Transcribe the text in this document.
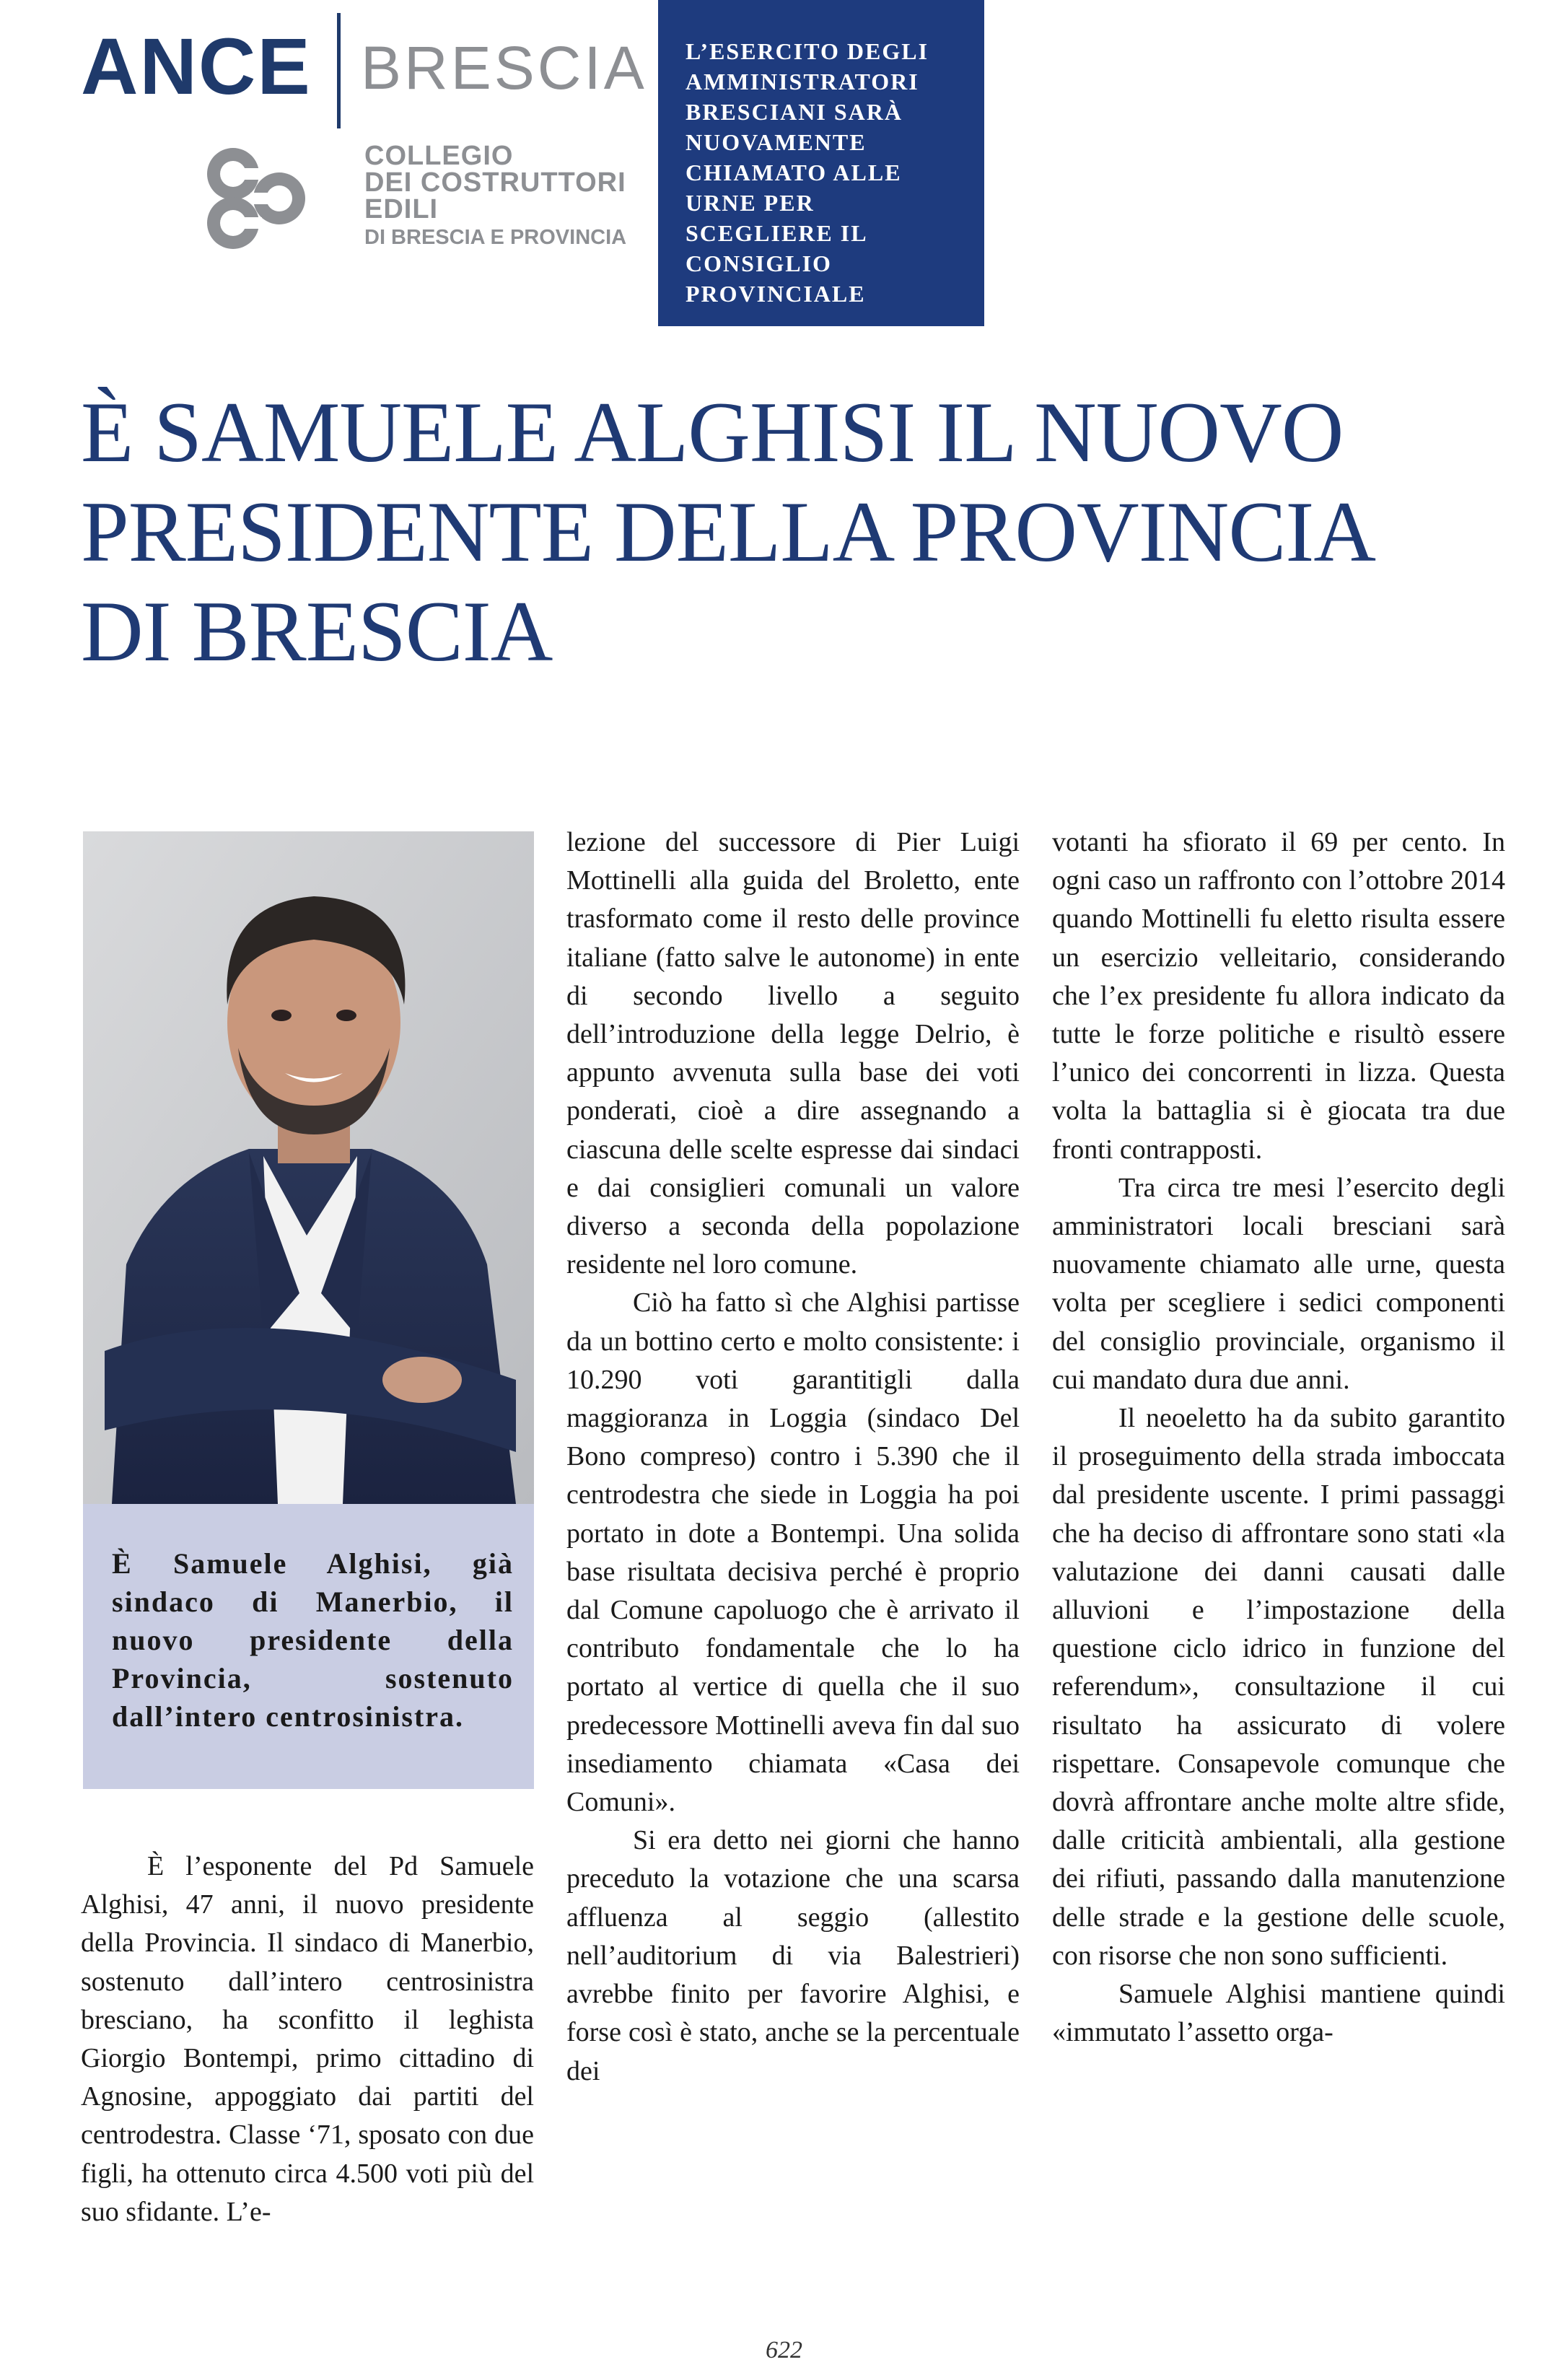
ANCE BRESCIA
COLLEGIO
DEI COSTRUTTORI
EDILI
DI BRESCIA E PROVINCIA

L’ESERCITO DEGLI AMMINISTRATORI BRESCIANI SARÀ NUOVAMENTE CHIAMATO ALLE URNE PER SCEGLIERE IL CONSIGLIO PROVINCIALE

È SAMUELE ALGHISI IL NUOVO PRESIDENTE DELLA PROVINCIA DI BRESCIA

È Samuele Alghisi, già sindaco di Manerbio, il nuovo presidente della Provincia, sostenuto dall’intero centrosinistra.

È l’esponente del Pd Samuele Alghisi, 47 anni, il nuovo presidente della Provincia. Il sindaco di Manerbio, sostenuto dall’intero centrosinistra bresciano, ha sconfitto il leghista Giorgio Bontempi, primo cittadino di Agnosine, appoggiato dai partiti del centrodestra. Classe ‘71, sposato con due figli, ha ottenuto circa 4.500 voti più del suo sfidante. L’e-

lezione del successore di Pier Luigi Mottinelli alla guida del Broletto, ente trasformato come il resto delle province italiane (fatto salve le autonome) in ente di secondo livello a seguito dell’introduzione della legge Delrio, è appunto avvenuta sulla base dei voti ponderati, cioè a dire assegnando a ciascuna delle scelte espresse dai sindaci e dai consiglieri comunali un valore diverso a seconda della popolazione residente nel loro comune.

Ciò ha fatto sì che Alghisi partisse da un bottino certo e molto consistente: i 10.290 voti garantitigli dalla maggioranza in Loggia (sindaco Del Bono compreso) contro i 5.390 che il centrodestra che siede in Loggia ha poi portato in dote a Bontempi. Una solida base risultata decisiva perché è proprio dal Comune capoluogo che è arrivato il contributo fondamentale che lo ha portato al vertice di quella che il suo predecessore Mottinelli aveva fin dal suo insediamento chiamata «Casa dei Comuni».

Si era detto nei giorni che hanno preceduto la votazione che una scarsa affluenza al seggio (allestito nell’auditorium di via Balestrieri) avrebbe finito per favorire Alghisi, e forse così è stato, anche se la percentuale dei

votanti ha sfiorato il 69 per cento. In ogni caso un raffronto con l’ottobre 2014 quando Mottinelli fu eletto risulta essere un esercizio velleitario, considerando che l’ex presidente fu allora indicato da tutte le forze politiche e risultò essere l’unico dei concorrenti in lizza. Questa volta la battaglia si è giocata tra due fronti contrapposti.

Tra circa tre mesi l’esercito degli amministratori locali bresciani sarà nuovamente chiamato alle urne, questa volta per scegliere i sedici componenti del consiglio provinciale, organismo il cui mandato dura due anni.

Il neoeletto ha da subito garantito il proseguimento della strada imboccata dal presidente uscente. I primi passaggi che ha deciso di affrontare sono stati «la valutazione dei danni causati dalle alluvioni e l’impostazione della questione ciclo idrico in funzione del referendum», consultazione il cui risultato ha assicurato di volere rispettare. Consapevole comunque che dovrà affrontare anche molte altre sfide, dalle criticità ambientali, alla gestione dei rifiuti, passando dalla manutenzione delle strade e la gestione delle scuole, con risorse che non sono sufficienti.

Samuele Alghisi mantiene quindi «immutato l’assetto orga-

622
